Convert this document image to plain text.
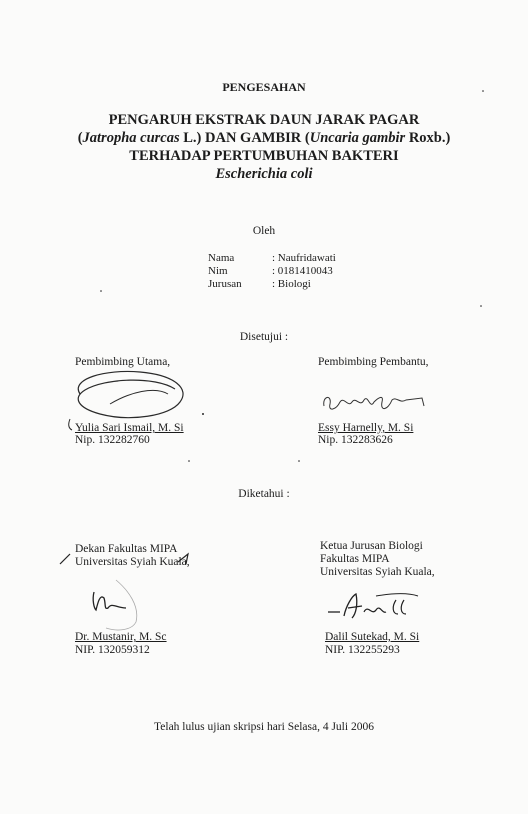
PENGESAHAN
PENGARUH EKSTRAK DAUN JARAK PAGAR
(Jatropha curcas L.) DAN GAMBIR (Uncaria gambir Roxb.)
TERHADAP PERTUMBUHAN BAKTERI
Escherichia coli
Oleh
Nama	: Naufridawati
Nim	: 0181410043
Jurusan	: Biologi
Disetujui :
Pembimbing Utama,
Yulia Sari Ismail, M. Si
Nip. 132282760
Pembimbing Pembantu,
Essy Harnelly, M. Si
Nip. 132283626
Diketahui :
Dekan Fakultas MIPA
Universitas Syiah Kuala,
Dr. Mustanir, M. Sc
NIP. 132059312
Ketua Jurusan Biologi
Fakultas MIPA
Universitas Syiah Kuala,
Dalil Sutekad, M. Si
NIP. 132255293
Telah lulus ujian skripsi hari Selasa, 4 Juli 2006
